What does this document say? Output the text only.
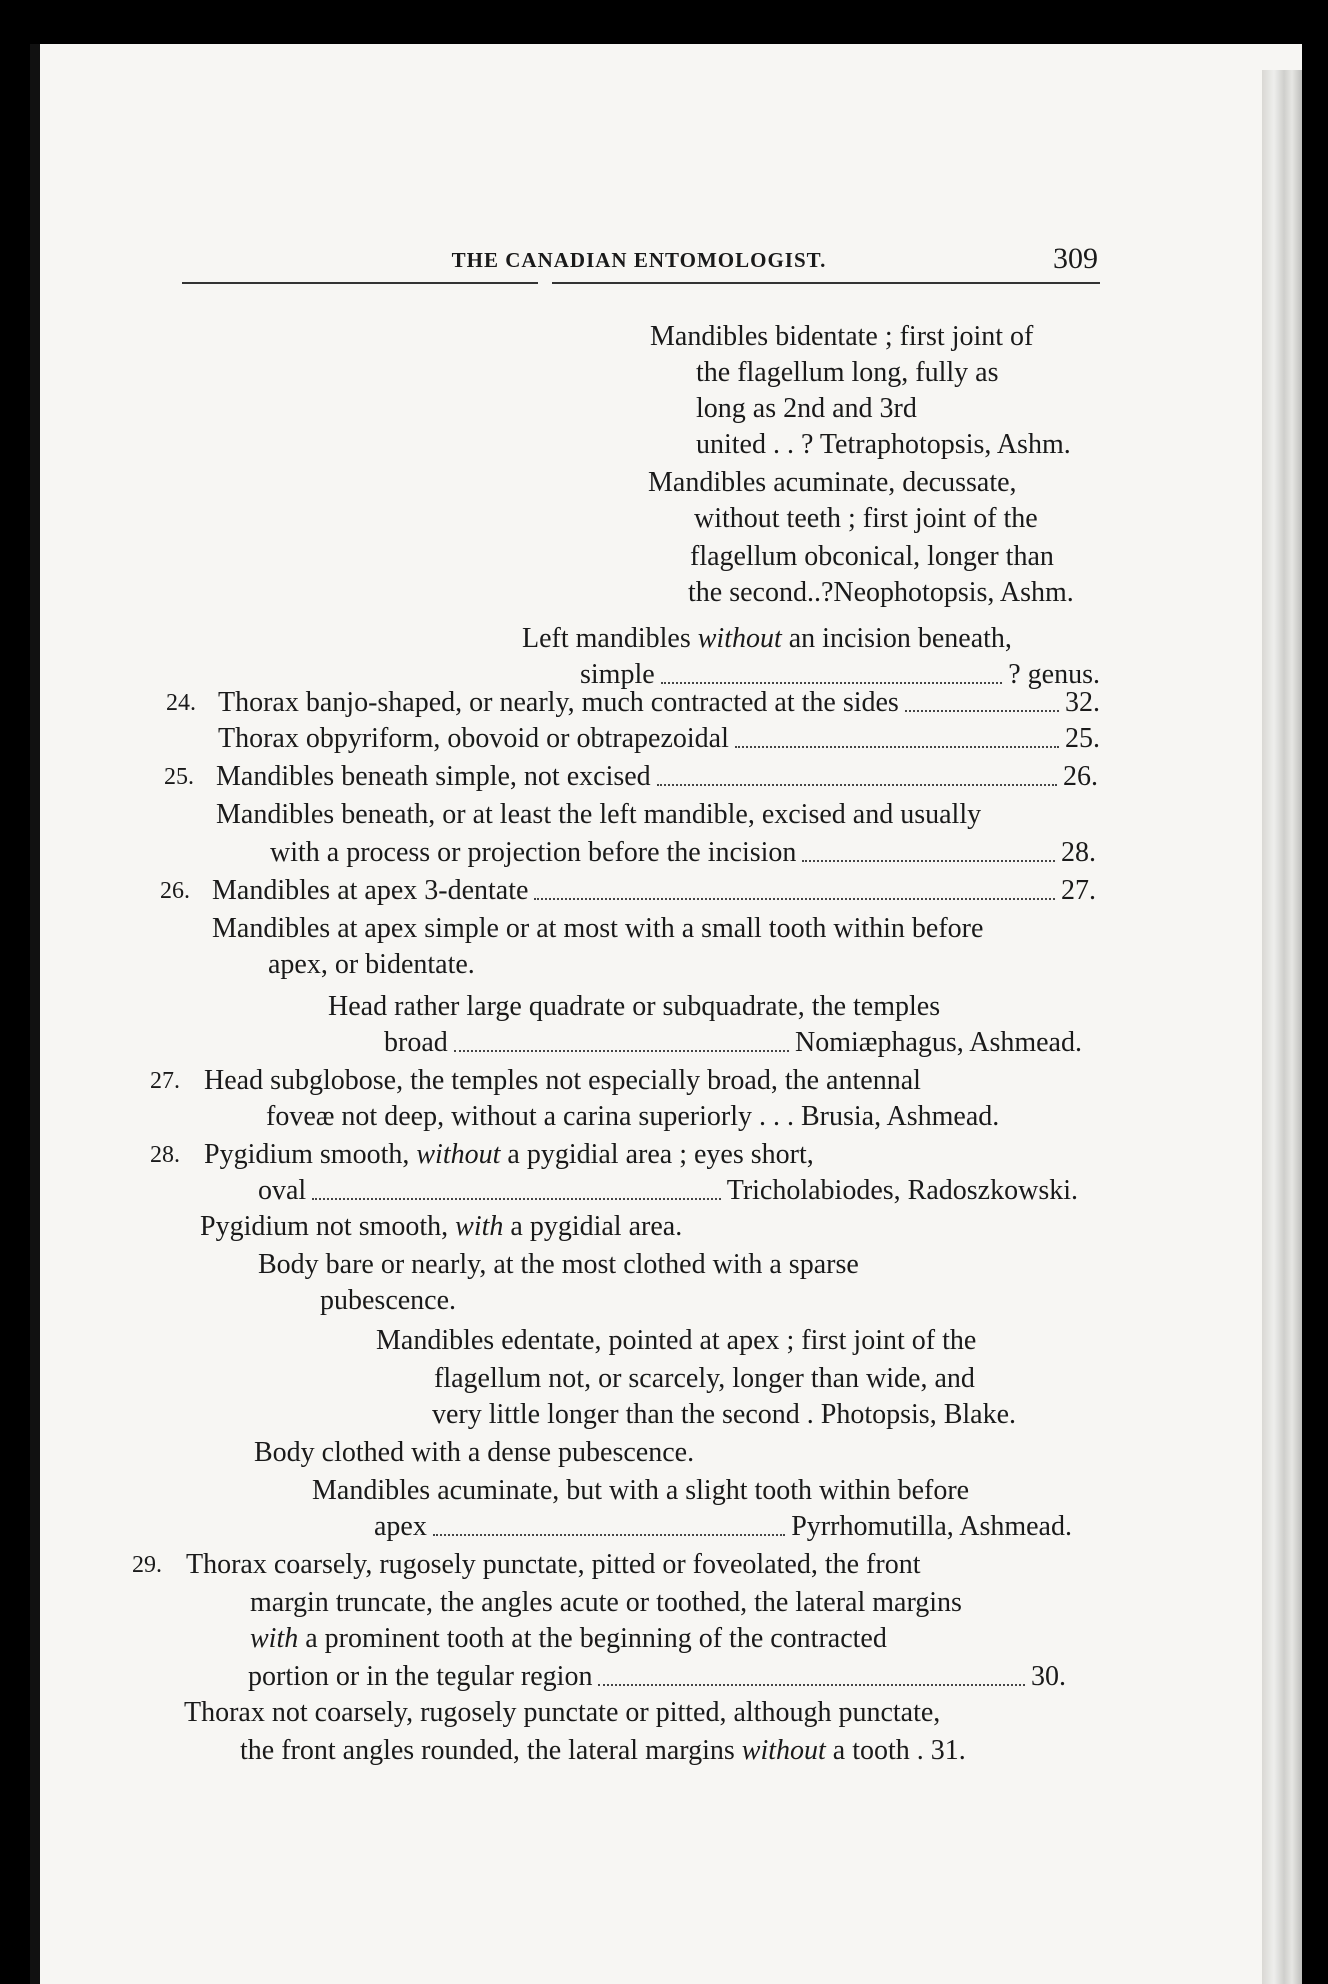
THE CANADIAN ENTOMOLOGIST.	309
Mandibles bidentate ; first joint of
the flagellum long, fully as
long as 2nd and 3rd
united . . ? Tetraphotopsis, Ashm.
Mandibles acuminate, decussate,
without teeth ; first joint of the
flagellum obconical, longer than
the second..?Neophotopsis, Ashm.
Left mandibles without an incision beneath,
simple	? genus.
24. Thorax banjo-shaped, or nearly, much contracted at the sides	32.
Thorax obpyriform, obovoid or obtrapezoidal	25.
25. Mandibles beneath simple, not excised	26.
Mandibles beneath, or at least the left mandible, excised and usually
with a process or projection before the incision	28.
26. Mandibles at apex 3-dentate	27.
Mandibles at apex simple or at most with a small tooth within before
apex, or bidentate.
Head rather large quadrate or subquadrate, the temples
broad	Nomiæphagus, Ashmead.
27. Head subglobose, the temples not especially broad, the antennal
foveæ not deep, without a carina superiorly . . . Brusia, Ashmead.
28. Pygidium smooth, without a pygidial area ; eyes short,
oval	Tricholabiodes, Radoszkowski.
Pygidium not smooth, with a pygidial area.
Body bare or nearly, at the most clothed with a sparse
pubescence.
Mandibles edentate, pointed at apex ; first joint of the
flagellum not, or scarcely, longer than wide, and
very little longer than the second . Photopsis, Blake.
Body clothed with a dense pubescence.
Mandibles acuminate, but with a slight tooth within before
apex	Pyrrhomutilla, Ashmead.
29. Thorax coarsely, rugosely punctate, pitted or foveolated, the front
margin truncate, the angles acute or toothed, the lateral margins
with a prominent tooth at the beginning of the contracted
portion or in the tegular region	30.
Thorax not coarsely, rugosely punctate or pitted, although punctate,
the front angles rounded, the lateral margins without a tooth . 31.
